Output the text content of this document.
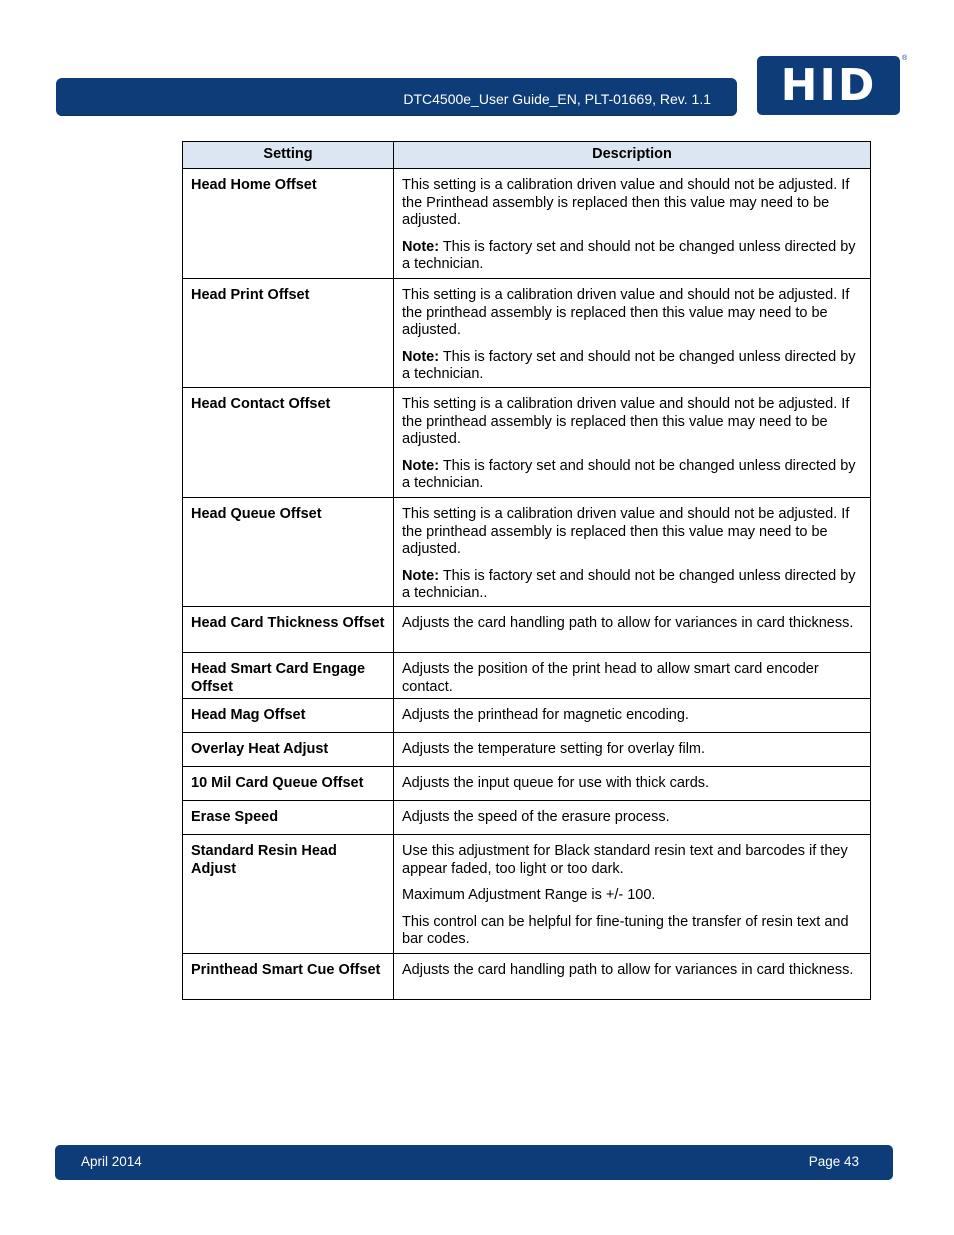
DTC4500e_User Guide_EN, PLT-01669, Rev. 1.1	HID
®
Setting	Description
Head Home Offset	This setting is a calibration driven value and should not be adjusted. If the Printhead assembly is replaced then this value may need to be adjusted.

Note: This is factory set and should not be changed unless directed by a technician.

Head Print Offset	This setting is a calibration driven value and should not be adjusted. If the printhead assembly is replaced then this value may need to be adjusted.

Note: This is factory set and should not be changed unless directed by a technician.

Head Contact Offset	This setting is a calibration driven value and should not be adjusted. If the printhead assembly is replaced then this value may need to be adjusted.

Note: This is factory set and should not be changed unless directed by a technician.

Head Queue Offset	This setting is a calibration driven value and should not be adjusted. If the printhead assembly is replaced then this value may need to be adjusted.

Note: This is factory set and should not be changed unless directed by a technician..

Head Card Thickness Offset	Adjusts the card handling path to allow for variances in card thickness.

Head Smart Card Engage Offset	Adjusts the position of the print head to allow smart card encoder contact.

Head Mag Offset	Adjusts the printhead for magnetic encoding.

Overlay Heat Adjust	Adjusts the temperature setting for overlay film.

10 Mil Card Queue Offset	Adjusts the input queue for use with thick cards.

Erase Speed	Adjusts the speed of the erasure process.

Standard Resin Head Adjust	Use this adjustment for Black standard resin text and barcodes if they appear faded, too light or too dark.

Maximum Adjustment Range is +/- 100.

This control can be helpful for fine-tuning the transfer of resin text and bar codes.

Printhead Smart Cue Offset	Adjusts the card handling path to allow for variances in card thickness.

April 2014	Page 43
